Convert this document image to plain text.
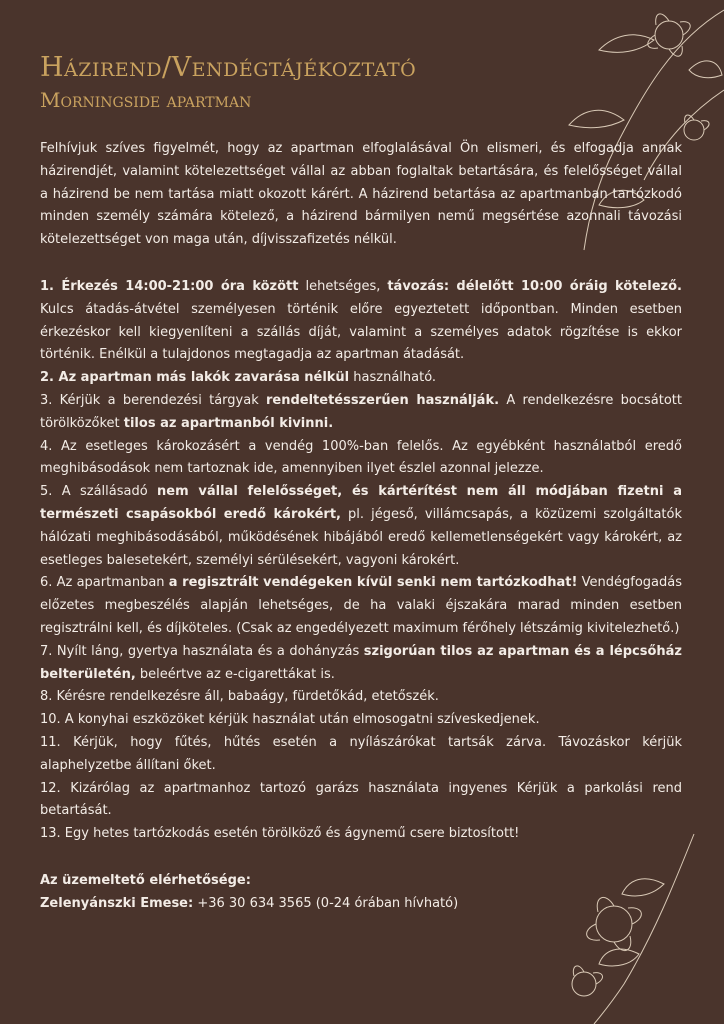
Házirend/Vendégtájékoztató
Morningside apartman

Felhívjuk szíves figyelmét, hogy az apartman elfoglalásával Ön elismeri, és elfogadja annak házirendjét, valamint kötelezettséget vállal az abban foglaltak betartására, és felelősséget vállal a házirend be nem tartása miatt okozott kárért. A házirend betartása az apartmanban tartózkodó minden személy számára kötelező, a házirend bármilyen nemű megsértése azonnali távozási kötelezettséget von maga után, díjvisszafizetés nélkül.

1. Érkezés 14:00-21:00 óra között lehetséges, távozás: délelőtt 10:00 óráig kötelező. Kulcs átadás-átvétel személyesen történik előre egyeztetett időpontban. Minden esetben érkezéskor kell kiegyenlíteni a szállás díját, valamint a személyes adatok rögzítése is ekkor történik. Enélkül a tulajdonos megtagadja az apartman átadását.

2. Az apartman más lakók zavarása nélkül használható.

3. Kérjük a berendezési tárgyak rendeltetésszerűen használják. A rendelkezésre bocsátott törölközőket tilos az apartmanból kivinni.

4. Az esetleges károkozásért a vendég 100%-ban felelős. Az egyébként használatból eredő meghibásodások nem tartoznak ide, amennyiben ilyet észlel azonnal jelezze.

5. A szállásadó nem vállal felelősséget, és kártérítést nem áll módjában fizetni a természeti csapásokból eredő károkért, pl. jégeső, villámcsapás, a közüzemi szolgáltatók hálózati meghibásodásából, működésének hibájából eredő kellemetlenségekért vagy károkért, az esetleges balesetekért, személyi sérülésekért, vagyoni károkért.

6. Az apartmanban a regisztrált vendégeken kívül senki nem tartózkodhat! Vendégfogadás előzetes megbeszélés alapján lehetséges, de ha valaki éjszakára marad minden esetben regisztrálni kell, és díjköteles. (Csak az engedélyezett maximum férőhely létszámig kivitelezhető.)

7. Nyílt láng, gyertya használata és a dohányzás szigorúan tilos az apartman és a lépcsőház belterületén, beleértve az e-cigarettákat is.

8. Kérésre rendelkezésre áll, babaágy, fürdetőkád, etetőszék.

10. A konyhai eszközöket kérjük használat után elmosogatni szíveskedjenek.

11. Kérjük, hogy fűtés, hűtés esetén a nyílászárókat tartsák zárva. Távozáskor kérjük alaphelyzetbe állítani őket.

12. Kizárólag az apartmanhoz tartozó garázs használata ingyenes Kérjük a parkolási rend betartását.

13. Egy hetes tartózkodás esetén törölköző és ágynemű csere biztosított!

Az üzemeltető elérhetősége:

Zelenyánszki Emese: +36 30 634 3565 (0-24 órában hívható)
